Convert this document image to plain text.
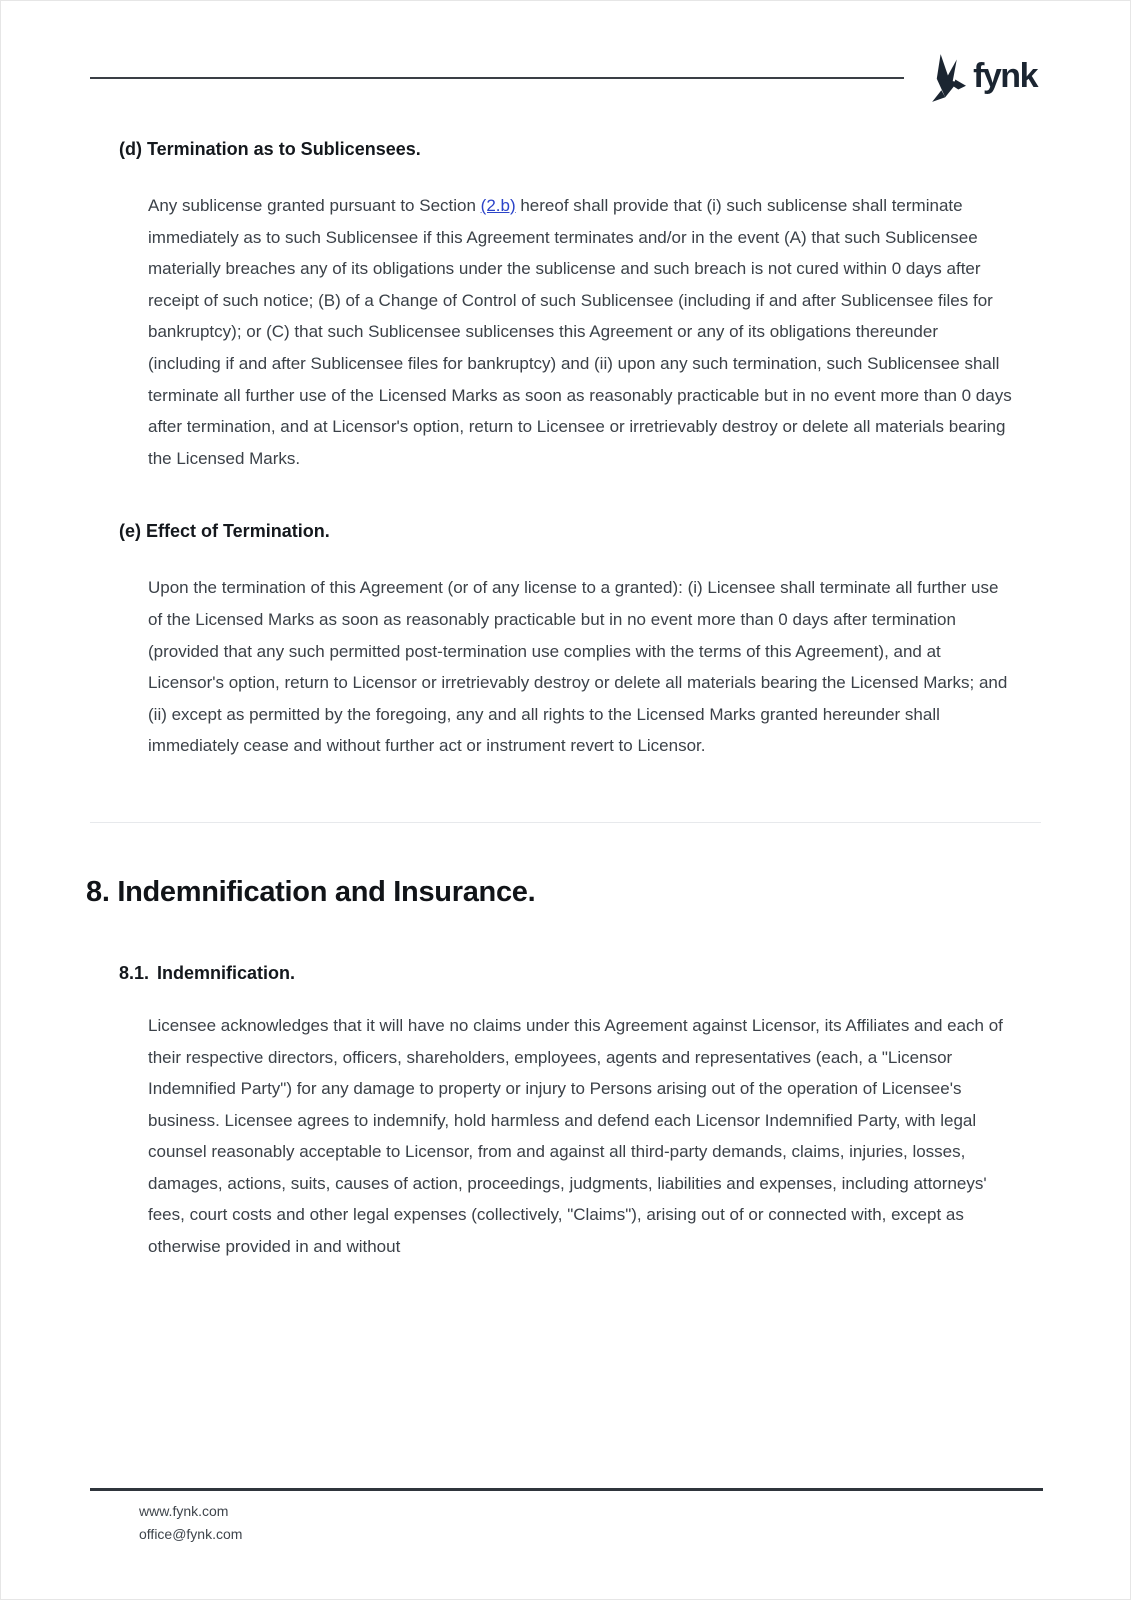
fynk
(d) Termination as to Sublicensees.

Any sublicense granted pursuant to Section (2.b) hereof shall provide that (i) such sublicense shall terminate immediately as to such Sublicensee if this Agreement terminates and/or in the event (A) that such Sublicensee materially breaches any of its obligations under the sublicense and such breach is not cured within 0 days after receipt of such notice; (B) of a Change of Control of such Sublicensee (including if and after Sublicensee files for bankruptcy); or (C) that such Sublicensee sublicenses this Agreement or any of its obligations thereunder (including if and after Sublicensee files for bankruptcy) and (ii) upon any such termination, such Sublicensee shall terminate all further use of the Licensed Marks as soon as reasonably practicable but in no event more than 0 days after termination, and at Licensor's option, return to Licensee or irretrievably destroy or delete all materials bearing the Licensed Marks.

(e) Effect of Termination.

Upon the termination of this Agreement (or of any license to a granted): (i) Licensee shall terminate all further use of the Licensed Marks as soon as reasonably practicable but in no event more than 0 days after termination (provided that any such permitted post-termination use complies with the terms of this Agreement), and at Licensor's option, return to Licensor or irretrievably destroy or delete all materials bearing the Licensed Marks; and (ii) except as permitted by the foregoing, any and all rights to the Licensed Marks granted hereunder shall immediately cease and without further act or instrument revert to Licensor.

8. Indemnification and Insurance.
8.1. Indemnification.

Licensee acknowledges that it will have no claims under this Agreement against Licensor, its Affiliates and each of their respective directors, officers, shareholders, employees, agents and representatives (each, a "Licensor Indemnified Party") for any damage to property or injury to Persons arising out of the operation of Licensee's business. Licensee agrees to indemnify, hold harmless and defend each Licensor Indemnified Party, with legal counsel reasonably acceptable to Licensor, from and against all third-party demands, claims, injuries, losses, damages, actions, suits, causes of action, proceedings, judgments, liabilities and expenses, including attorneys' fees, court costs and other legal expenses (collectively, "Claims"), arising out of or connected with, except as otherwise provided in and without

www.fynk.com
office@fynk.com
